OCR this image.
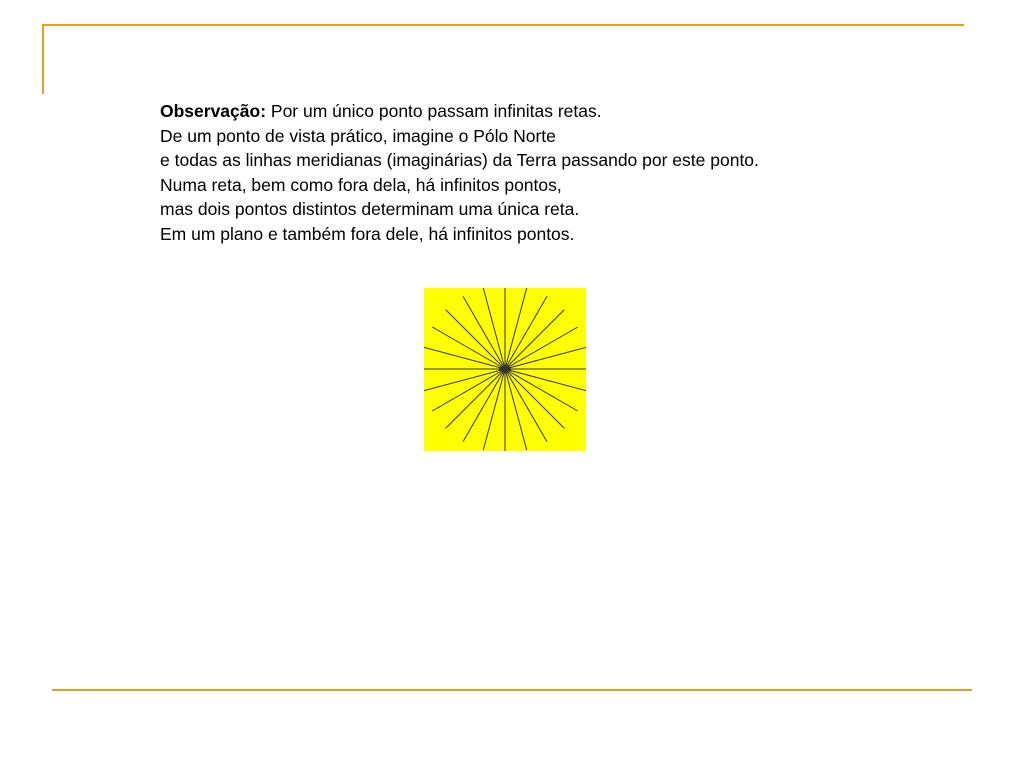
Observação: Por um único ponto passam infinitas retas.
De um ponto de vista prático, imagine o Pólo Norte
e todas as linhas meridianas (imaginárias) da Terra passando por este ponto.
Numa reta, bem como fora dela, há infinitos pontos,
mas dois pontos distintos determinam uma única reta.
Em um plano e também fora dele, há infinitos pontos.
